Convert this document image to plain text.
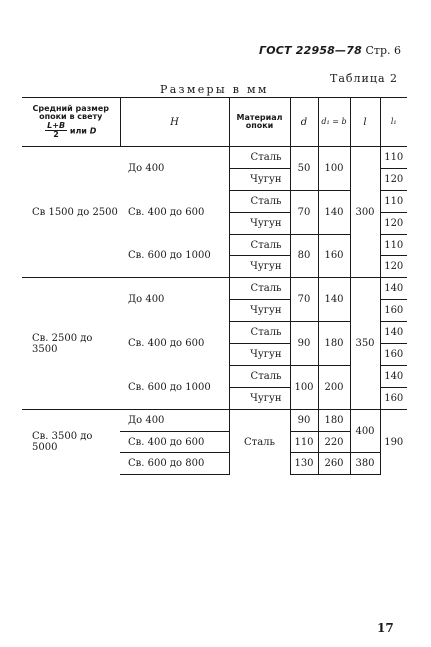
ГОСТ 22958—78 Стр. 6
Таблица 2
Размеры в мм
Средний размер
опоки в свету

$\frac{L+B}{2}$ или D	H	Материал опоки	d	d₁ = b	l	l₁
Св 1500 до 2500	До 400	Сталь	50	100	300	110
		Чугун				120
	Св. 400 до 600	Сталь	70	140		110
		Чугун				120
	Св. 600 до 1000	Сталь	80	160		110
		Чугун				120
Св. 2500 до 3500	До 400	Сталь	70	140	350	140
		Чугун				160
	Св. 400 до 600	Сталь	90	180		140
		Чугун				160
	Св. 600 до 1000	Сталь	100	200		140
		Чугун				160
Св. 3500 до 5000	До 400	Сталь	90	180	400	190
	Св. 400 до 600		110	220		
	Св. 600 до 800		130	260	380	
17
